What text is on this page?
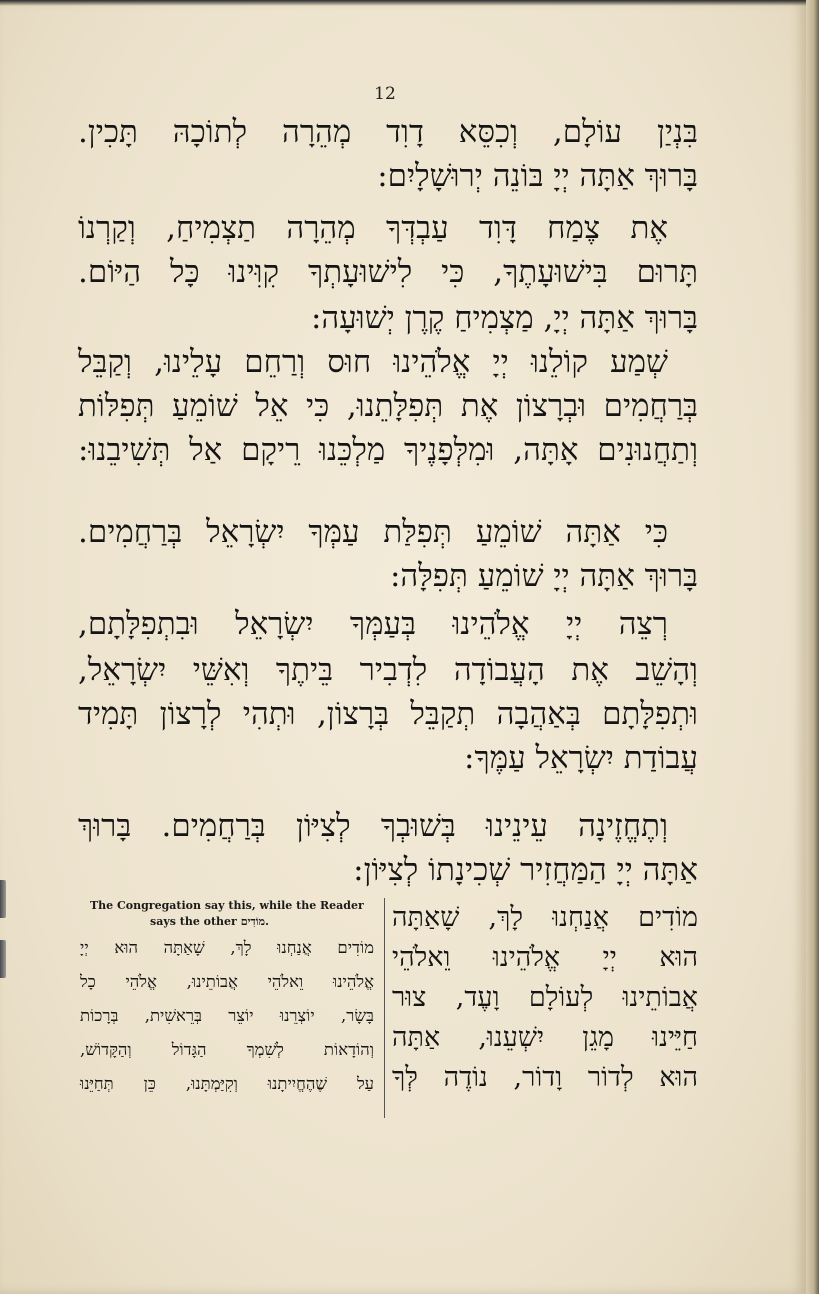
12
בִּנְיַן עוֹלָם, וְכִסֵּא דָוִד מְהֵרָה לְתוֹכָהּ תָּכִין.
בָּרוּךְ אַתָּה יְיָ בּוֹנֵה יְרוּשָׁלָיִם:
אֶת צֶמַח דָּוִד עַבְדְּךָ מְהֵרָה תַצְמִיחַ, וְקַרְנוֹ
תָּרוּם בִּישׁוּעָתֶךָ, כִּי לִישׁוּעָתְךָ קִוִּינוּ כָּל הַיּוֹם.
בָּרוּךְ אַתָּה יְיָ, מַצְמִיחַ קֶרֶן יְשׁוּעָה:
שְׁמַע קוֹלֵנוּ יְיָ אֱלֹהֵינוּ חוּס וְרַחֵם עָלֵינוּ, וְקַבֵּל
בְּרַחֲמִים וּבְרָצוֹן אֶת תְּפִלָּתֵנוּ, כִּי אֵל שׁוֹמֵעַ תְּפִלּוֹת
וְתַחֲנוּנִים אָתָּה, וּמִלְּפָנֶיךָ מַלְכֵּנוּ רֵיקָם אַל תְּשִׁיבֵנוּ:
כִּי אַתָּה שׁוֹמֵעַ תְּפִלַּת עַמְּךָ יִשְׂרָאֵל בְּרַחֲמִים.
בָּרוּךְ אַתָּה יְיָ שׁוֹמֵעַ תְּפִלָּה:
רְצֵה יְיָ אֱלֹהֵינוּ בְּעַמְּךָ יִשְׂרָאֵל וּבִתְפִלָּתָם,
וְהָשֵׁב אֶת הָעֲבוֹדָה לִדְבִיר בֵּיתֶךָ וְאִשֵּׁי יִשְׂרָאֵל,
וּתְפִלָּתָם בְּאַהֲבָה תְקַבֵּל בְּרָצוֹן, וּתְהִי לְרָצוֹן תָּמִיד
עֲבוֹדַת יִשְׂרָאֵל עַמֶּךָ:
וְתֶחֱזֶינָה עֵינֵינוּ בְּשׁוּבְךָ לְצִיּוֹן בְּרַחֲמִים. בָּרוּךְ
אַתָּה יְיָ הַמַּחֲזִיר שְׁכִינָתוֹ לְצִיּוֹן:
The Congregation say this, while the Reader
says the other מוֹדִים.	מוֹדִים אֲנַחְנוּ לָךְ, שָׁאַתָּה
הוּא יְיָ אֱלֹהֵינוּ וֵאלֹהֵי
אֲבוֹתֵינוּ לְעוֹלָם וָעֶד, צוּר
חַיֵּינוּ מָגֵן יִשְׁעֵנוּ, אַתָּה
הוּא לְדוֹר וָדוֹר, נוֹדֶה לְּךָ
מוֹדִים אֲנַחְנוּ לָךְ, שָׁאַתָּה הוּא יְיָ
אֱלֹהֵינוּ וֵאלֹהֵי אֲבוֹתֵינוּ, אֱלֹהֵי כָל
בָּשָׂר, יוֹצְרֵנוּ יוֹצֵר בְּרֵאשִׁית, בְּרָכוֹת
וְהוֹדָאוֹת לְשִׁמְךָ הַגָּדוֹל וְהַקָּדוֹשׁ,
עַל שֶׁהֶחֱיִיתָנוּ וְקִיַּמְתָּנוּ, כֵּן תְּחַיֵּנוּ
